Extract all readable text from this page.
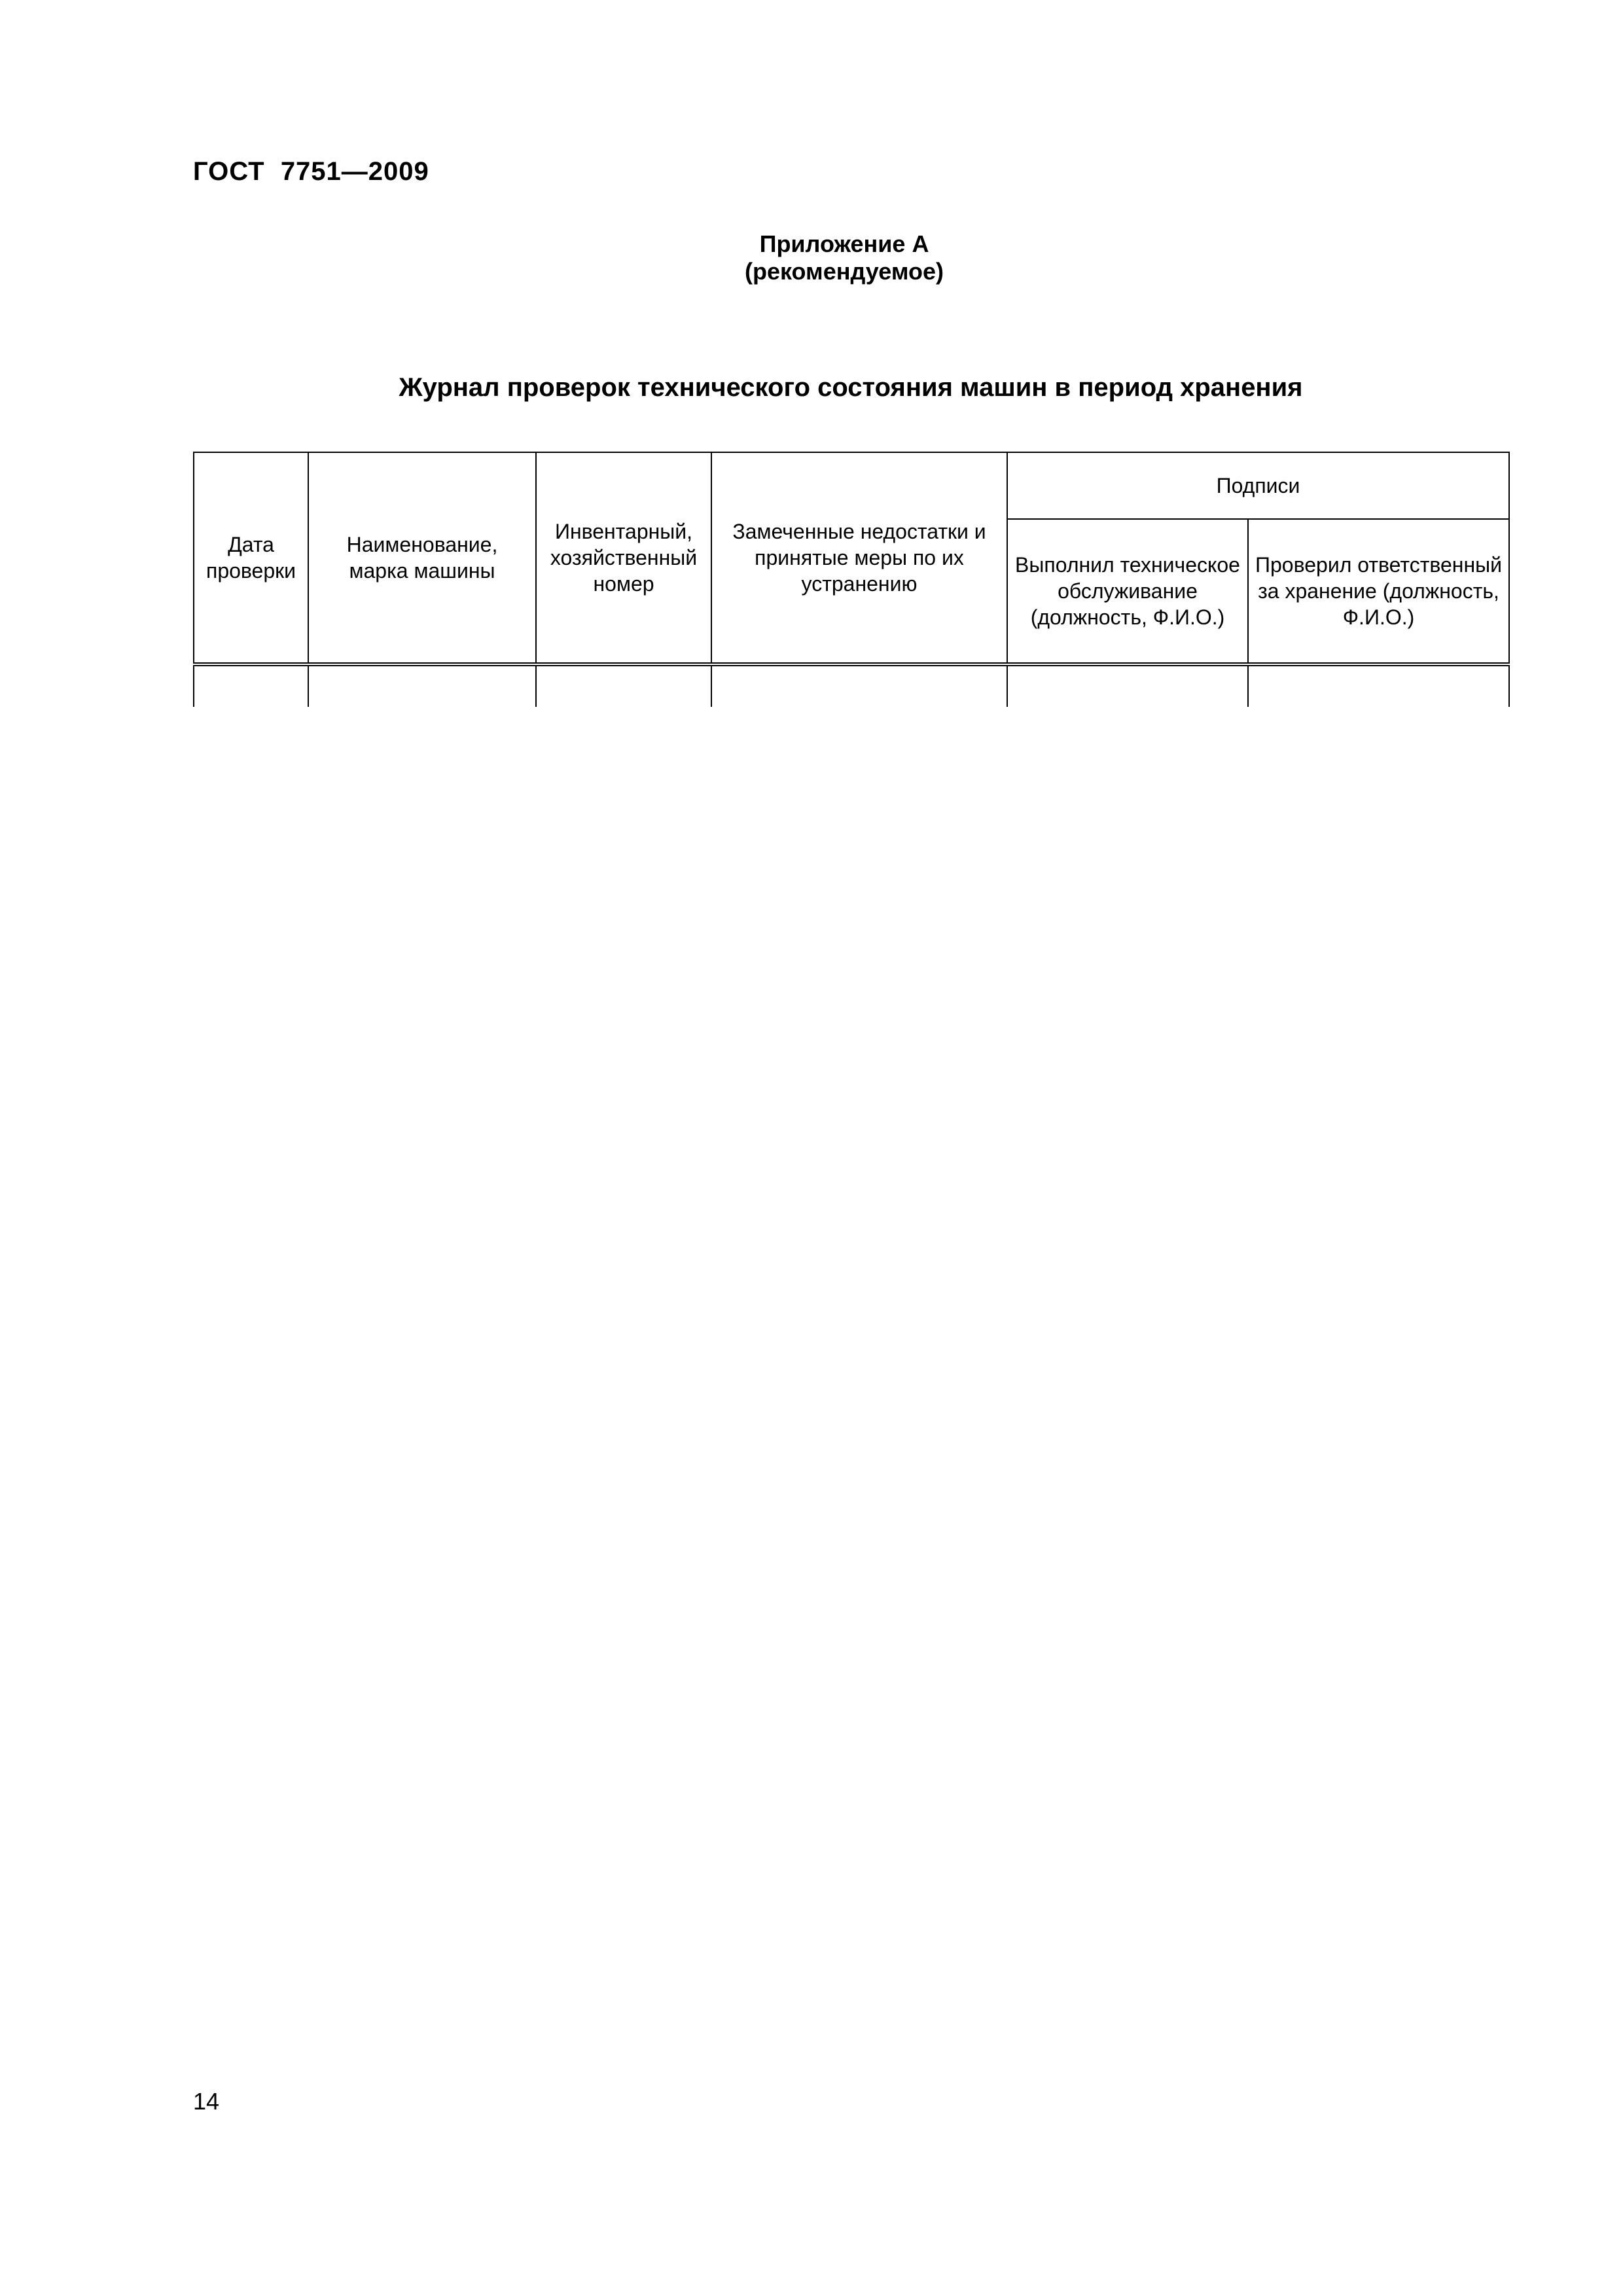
ГОСТ  7751—2009
Приложение А
(рекомендуемое)
Журнал проверок технического состояния машин в период хранения
Дата проверки	Наименование, марка машины	Инвентарный, хозяйственный номер	Замеченные недостатки и принятые меры по их устранению	Подписи	
				Выполнил техническое обслуживание (должность, Ф.И.О.)	Проверил ответственный за хранение (должность, Ф.И.О.)

14
